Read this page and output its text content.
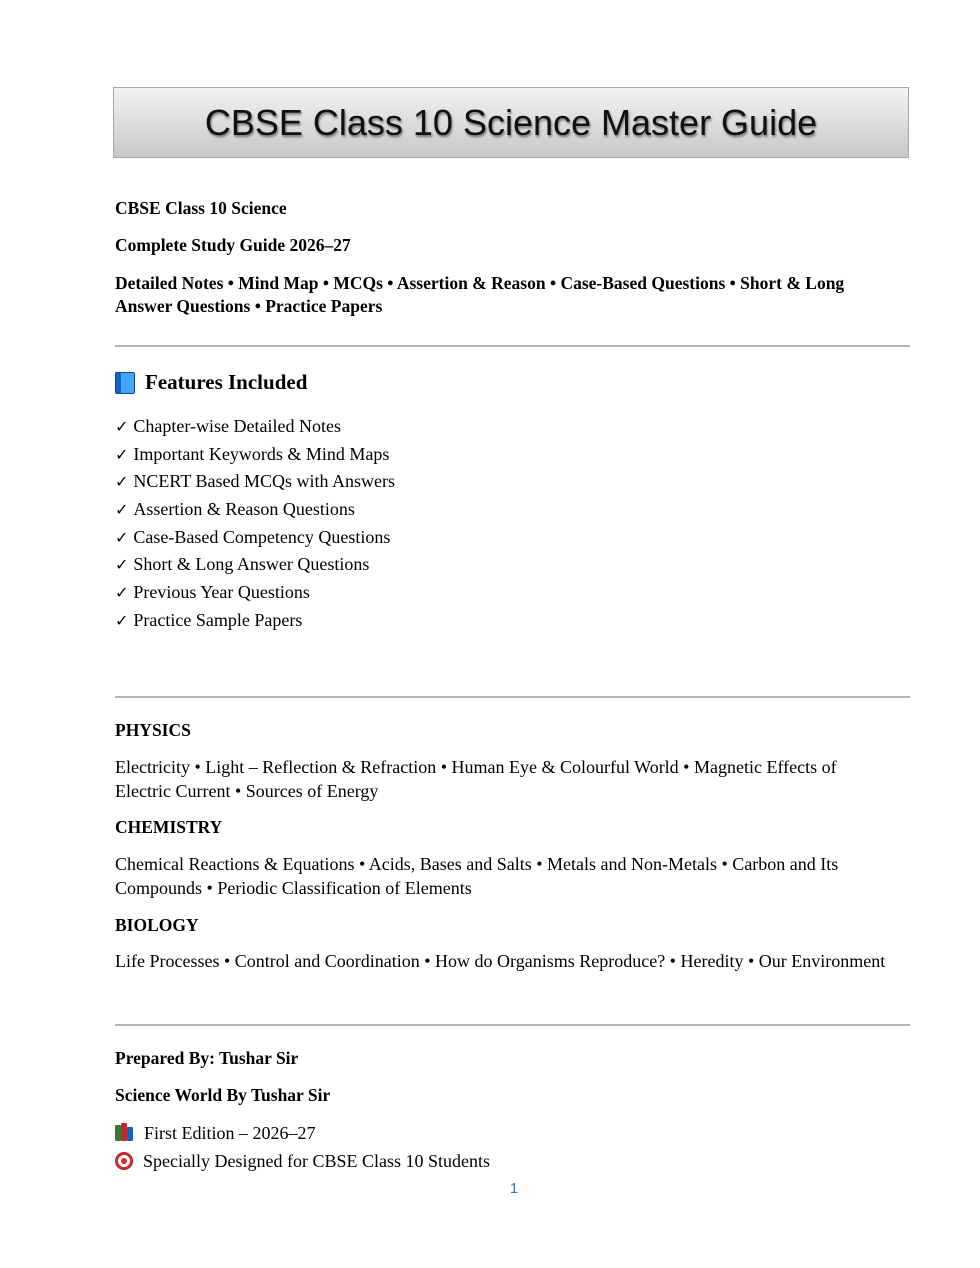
CBSE Class 10 Science Master Guide

CBSE Class 10 Science

Complete Study Guide 2026–27

Detailed Notes • Mind Map • MCQs • Assertion & Reason • Case-Based Questions • Short & Long Answer Questions • Practice Papers

Features Included
✓ Chapter-wise Detailed Notes
✓ Important Keywords & Mind Maps
✓ NCERT Based MCQs with Answers
✓ Assertion & Reason Questions
✓ Case-Based Competency Questions
✓ Short & Long Answer Questions
✓ Previous Year Questions
✓ Practice Sample Papers

PHYSICS

Electricity • Light – Reflection & Refraction • Human Eye & Colourful World • Magnetic Effects of Electric Current • Sources of Energy

CHEMISTRY

Chemical Reactions & Equations • Acids, Bases and Salts • Metals and Non-Metals • Carbon and Its Compounds • Periodic Classification of Elements

BIOLOGY

Life Processes • Control and Coordination • How do Organisms Reproduce? • Heredity • Our Environment

Prepared By: Tushar Sir

Science World By Tushar Sir

First Edition – 2026–27
Specially Designed for CBSE Class 10 Students
1
